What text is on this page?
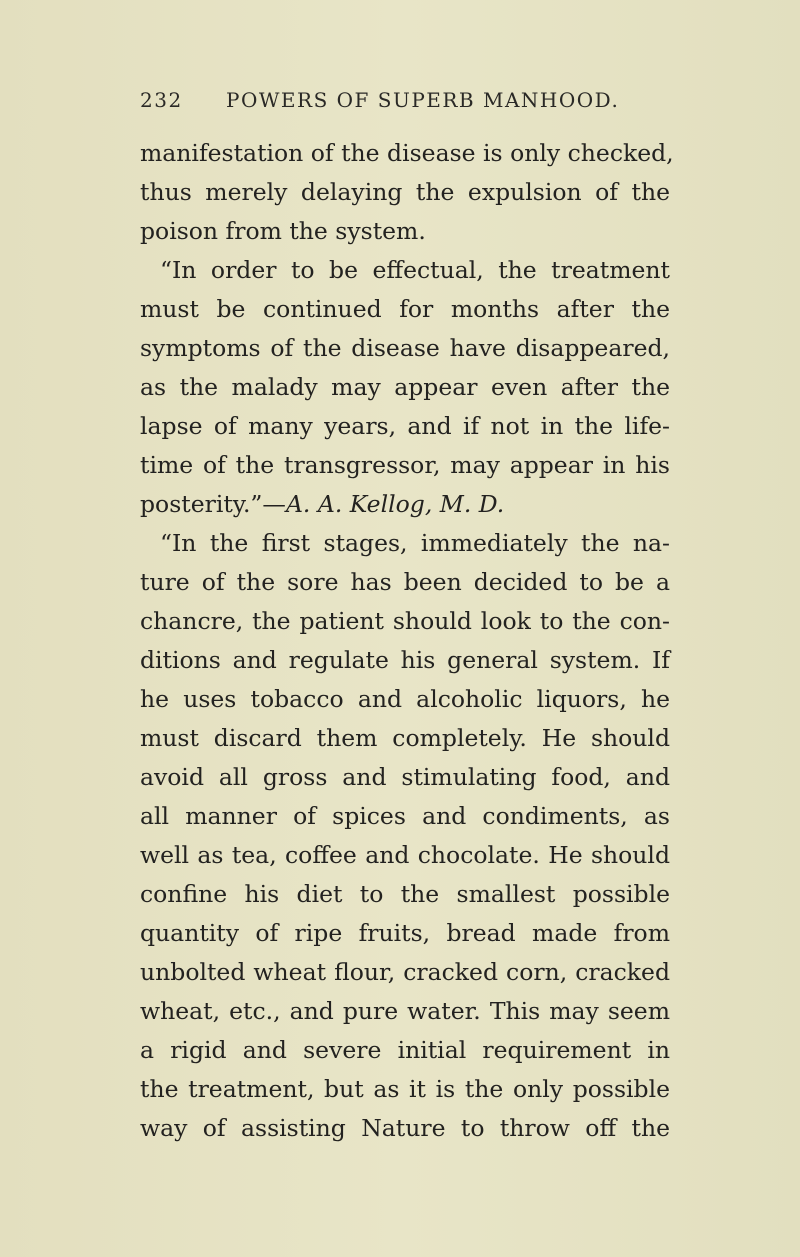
232 POWERS OF SUPERB MANHOOD.
manifestation of the disease is only checked,
thus merely delaying the expulsion of the
poison from the system.
“In order to be effectual, the treatment
must be continued for months after the
symptoms of the disease have disappeared,
as the malady may appear even after the
lapse of many years, and if not in the life-
time of the transgressor, may appear in his
posterity.”—A. A. Kellog, M. D.
“In the first stages, immediately the na-
ture of the sore has been decided to be a
chancre, the patient should look to the con-
ditions and regulate his general system. If
he uses tobacco and alcoholic liquors, he
must discard them completely. He should
avoid all gross and stimulating food, and
all manner of spices and condiments, as
well as tea, coffee and chocolate. He should
confine his diet to the smallest possible
quantity of ripe fruits, bread made from
unbolted wheat flour, cracked corn, cracked
wheat, etc., and pure water. This may seem
a rigid and severe initial requirement in
the treatment, but as it is the only possible
way of assisting Nature to throw off the
